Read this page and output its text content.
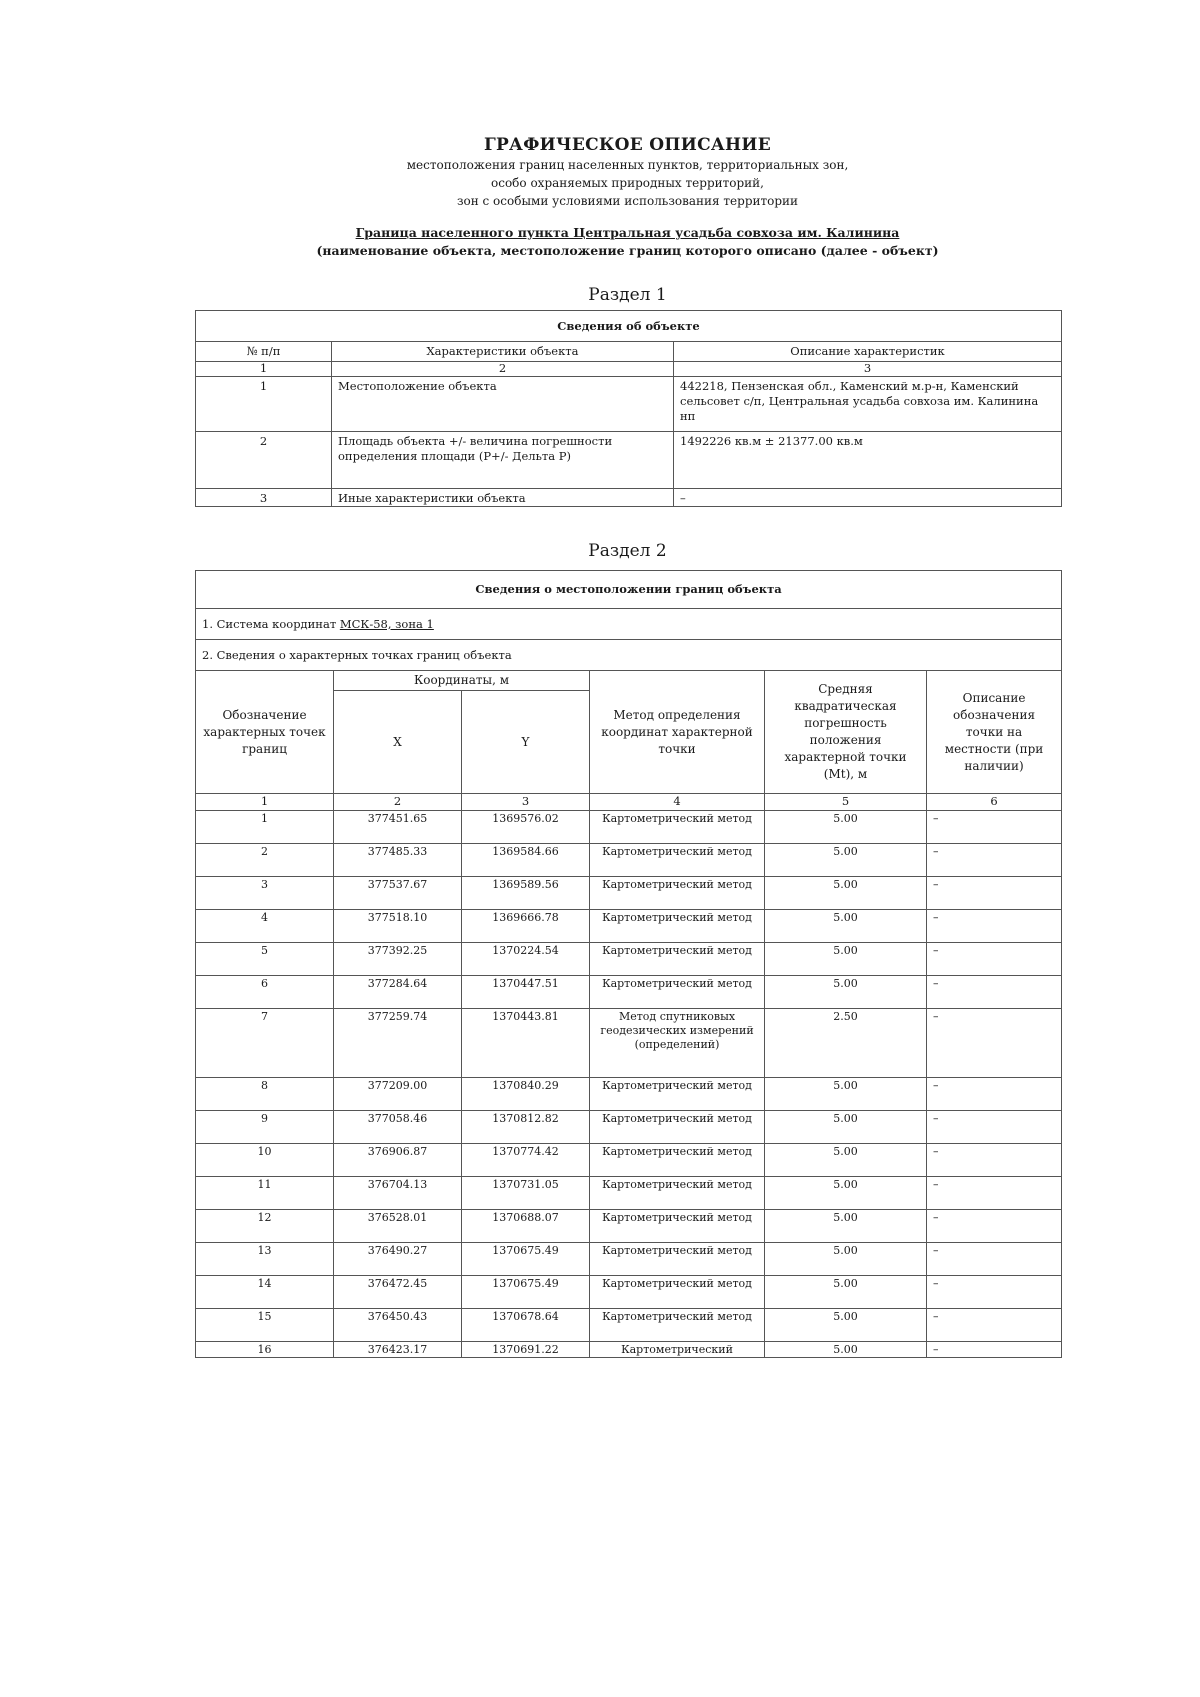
ГРАФИЧЕСКОЕ ОПИСАНИЕ
местоположения границ населенных пунктов, территориальных зон,
особо охраняемых природных территорий,
зон с особыми условиями использования территории
Граница населенного пункта Центральная усадьба совхоза им. Калинина
(наименование объекта, местоположение границ которого описано (далее - объект)
Раздел 1
Сведения об объекте		
№ п/п	Характеристики объекта	Описание характеристик
1	2	3
1	Местоположение объекта	442218, Пензенская обл., Каменский м.р-н, Каменский сельсовет с/п, Центральная усадьба совхоза им. Калинина нп
2	Площадь объекта +/- величина погрешности определения площади (Р+/- Дельта Р)	1492226 кв.м ± 21377.00 кв.м
3	Иные характеристики объекта	–
Раздел 2
Сведения о местоположении границ объекта					
1. Система координат МСК-58, зона 1					
2. Сведения о характерных точках границ объекта					
Обозначение характерных точек границ	Координаты, м		Метод определения координат характерной точки	Средняя квадратическая погрешность положения характерной точки (Mt), м	Описание обозначения точки на местности (при наличии)
	X	Y			
1	2	3	4	5	6
1	377451.65	1369576.02	Картометрический метод	5.00	–
2	377485.33	1369584.66	Картометрический метод	5.00	–
3	377537.67	1369589.56	Картометрический метод	5.00	–
4	377518.10	1369666.78	Картометрический метод	5.00	–
5	377392.25	1370224.54	Картометрический метод	5.00	–
6	377284.64	1370447.51	Картометрический метод	5.00	–
7	377259.74	1370443.81	Метод спутниковых геодезических измерений (определений)	2.50	–
8	377209.00	1370840.29	Картометрический метод	5.00	–
9	377058.46	1370812.82	Картометрический метод	5.00	–
10	376906.87	1370774.42	Картометрический метод	5.00	–
11	376704.13	1370731.05	Картометрический метод	5.00	–
12	376528.01	1370688.07	Картометрический метод	5.00	–
13	376490.27	1370675.49	Картометрический метод	5.00	–
14	376472.45	1370675.49	Картометрический метод	5.00	–
15	376450.43	1370678.64	Картометрический метод	5.00	–
16	376423.17	1370691.22	Картометрический	5.00	–
